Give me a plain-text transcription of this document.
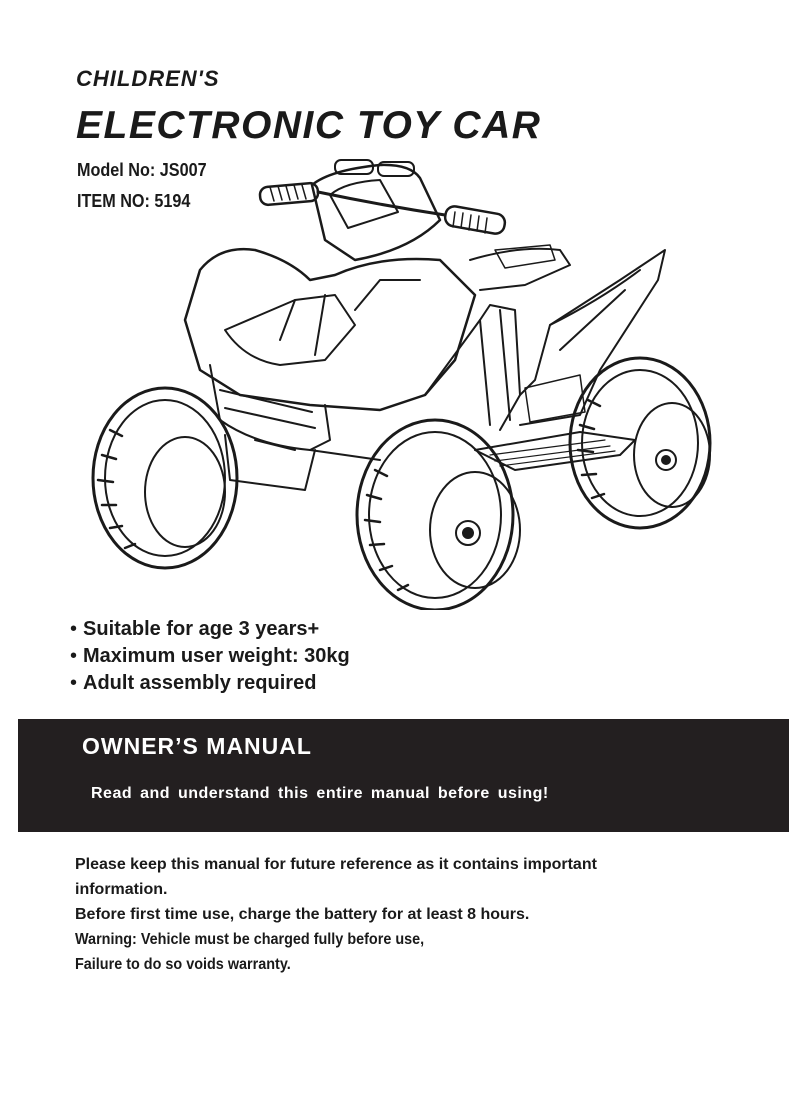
CHILDREN'S
ELECTRONIC TOY CAR

Model No: JS007

ITEM NO: 5194

• Suitable for age 3 years+
• Maximum user weight: 30kg
• Adult assembly required
OWNER’S MANUAL

Read and understand this entire manual before using!

Please keep this manual for future reference as it contains important

information.

Before first time use, charge the battery for at least 8 hours.

Warning: Vehicle must be charged fully before use,

Failure to do so voids warranty.
